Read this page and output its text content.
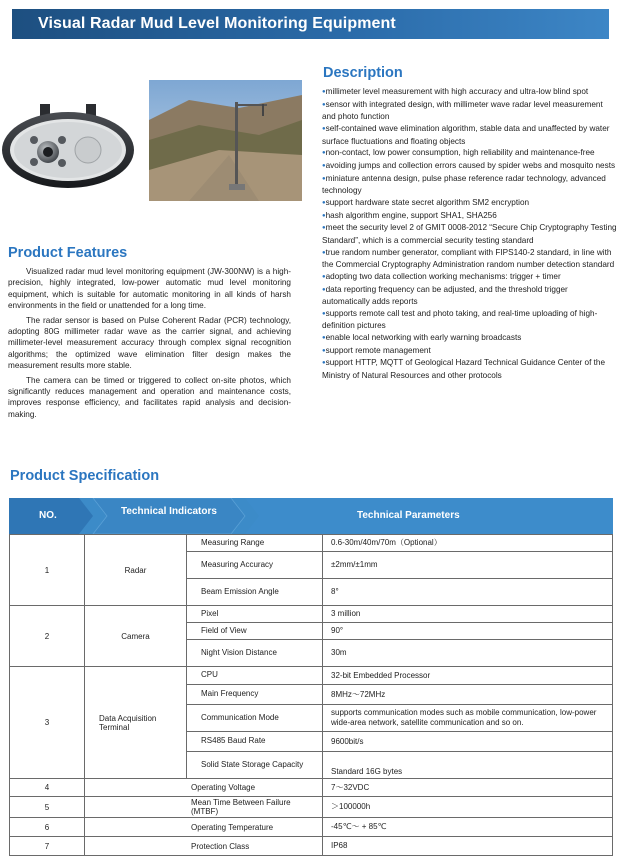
Visual Radar Mud Level Monitoring Equipment
Description
● millimeter level measurement with high accuracy and ultra-low blind spot
● sensor with integrated design, with millimeter wave radar level measurement and photo function
● self-contained wave elimination algorithm, stable data and unaffected by water surface fluctuations and floating objects
● non-contact, low power consumption, high reliability and maintenance-free
● avoiding jumps and collection errors caused by spider webs and mosquito nests
● miniature antenna design, pulse phase reference radar technology, advanced technology
● support hardware state secret algorithm SM2 encryption
● hash algorithm engine, support SHA1, SHA256
● meet the security level 2 of GMIT 0008-2012 “Secure Chip Cryptography Testing Standard”, which is a commercial security testing standard
● true random number generator, compliant with FIPS140-2 standard, in line with the Commercial Cryptography Administration random number detection standard
● adopting two data collection working mechanisms: trigger + timer
● data reporting frequency can be adjusted, and the threshold trigger automatically adds reports
● supports remote call test and photo taking, and real-time uploading of high-definition pictures
● enable local networking with early warning broadcasts
● support remote management
● support HTTP, MQTT of Geological Hazard Technical Guidance Center of the Ministry of Natural Resources and other protocols
Product Features

Visualized radar mud level monitoring equipment (JW-300NW) is a high-precision, highly integrated, low-power automatic mud level monitoring equipment, which is suitable for automatic monitoring in all kinds of harsh environments in the field or unattended for a long time.

The radar sensor is based on Pulse Coherent Radar (PCR) technology, adopting 80G millimeter radar wave as the carrier signal, and achieving millimeter-level measurement accuracy through complex signal recognition algorithms; the optimized wave elimination filter design makes the measurement results more stable.

The camera can be timed or triggered to collect on-site photos, which significantly reduces management and operation and maintenance costs, improves response efficiency, and facilitates rapid analysis and decision-making.

Product Specification
NO.	Technical Indicators	Technical Parameters
1	Radar	Measuring Range	0.6-30m/40m/70m（Optional）
		Measuring Accuracy	±2mm/±1mm
		Beam Emission Angle	8°
2	Camera	Pixel	3 million
		Field of View	90°
		Night Vision Distance	30m
3	Data Acquisition Terminal	CPU	32-bit Embedded Processor
		Main Frequency	8MHz～72MHz
		Communication Mode	supports communication modes such as mobile communication, low-power wide-area network, satellite communication and so on.
		RS485 Baud Rate	9600bit/s
		Solid State Storage Capacity	Standard 16G bytes
4	Operating Voltage		7～32VDC
5	Mean Time Between Failure (MTBF)		＞100000h
6	Operating Temperature		-45℃～ + 85℃
7	Protection Class		IP68
